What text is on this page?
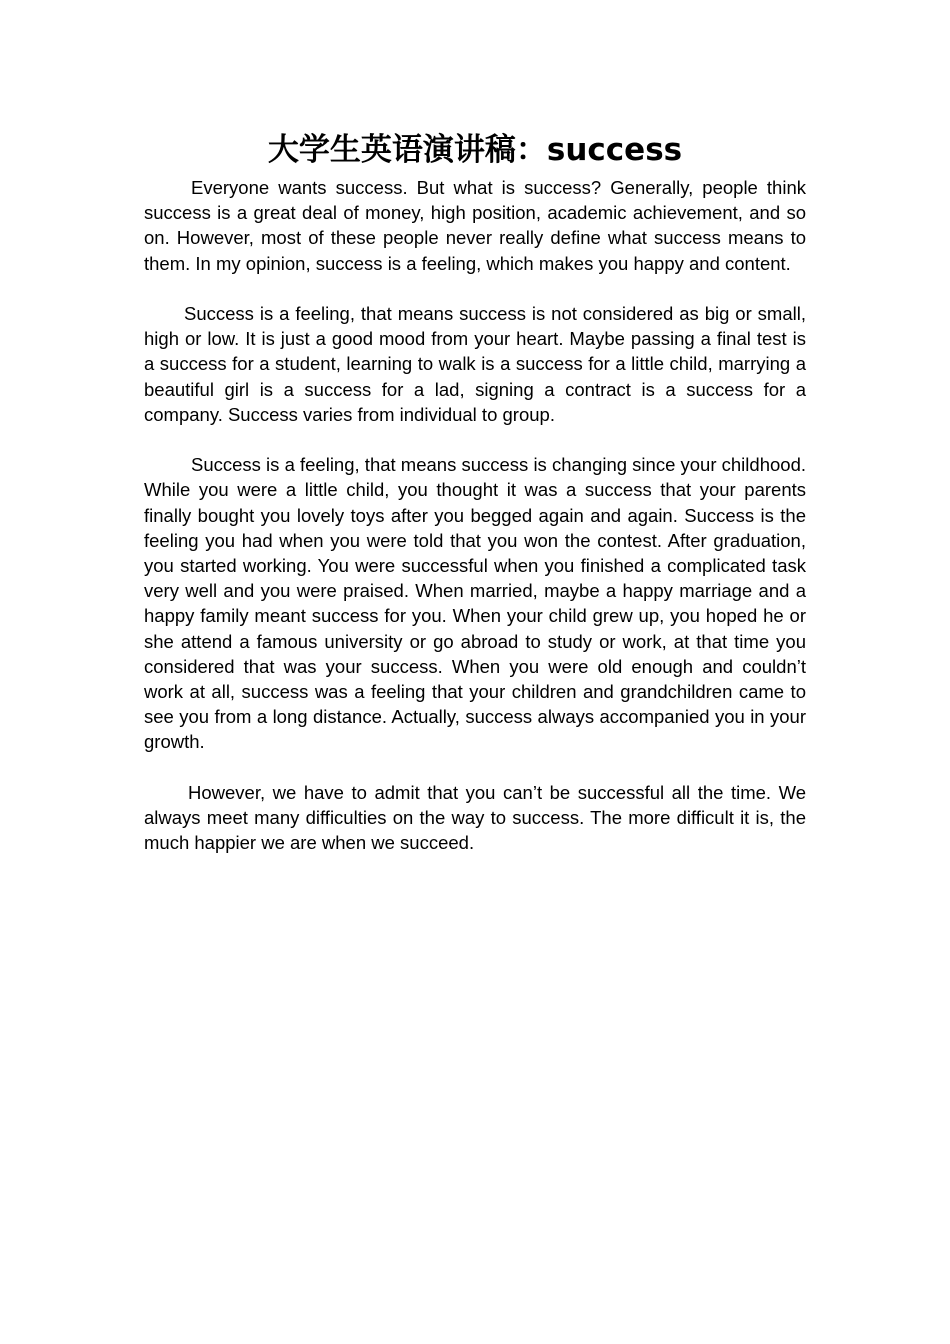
大学生英语演讲稿：success

Everyone wants success. But what is success? Generally, people think success is a great deal of money, high position, academic achievement, and so on. However, most of these people never really define what success means to them. In my opinion, success is a feeling, which makes you happy and content.

Success is a feeling, that means success is not considered as big or small, high or low. It is just a good mood from your heart. Maybe passing a final test is a success for a student, learning to walk is a success for a little child, marrying a beautiful girl is a success for a lad, signing a contract is a success for a company. Success varies from individual to group.

Success is a feeling, that means success is changing since your childhood. While you were a little child, you thought it was a success that your parents finally bought you lovely toys after you begged again and again. Success is the feeling you had when you were told that you won the contest. After graduation, you started working. You were successful when you finished a complicated task very well and you were praised. When married, maybe a happy marriage and a happy family meant success for you. When your child grew up, you hoped he or she attend a famous university or go abroad to study or work, at that time you considered that was your success. When you were old enough and couldn’t work at all, success was a feeling that your children and grandchildren came to see you from a long distance. Actually, success always accompanied you in your growth.

However, we have to admit that you can’t be successful all the time. We always meet many difficulties on the way to success. The more difficult it is, the much happier we are when we succeed.
